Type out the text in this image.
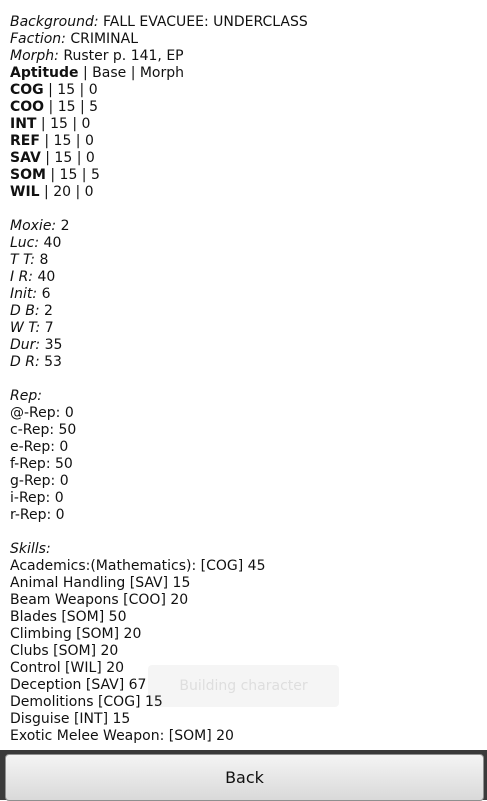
Background: FALL EVACUEE: UNDERCLASS
Faction: CRIMINAL
Morph: Ruster p. 141, EP
Aptitude | Base | Morph
COG | 15 | 0
COO | 15 | 5
INT | 15 | 0
REF | 15 | 0
SAV | 15 | 0
SOM | 15 | 5
WIL | 20 | 0
Moxie: 2
Luc: 40
T T: 8
I R: 40
Init: 6
D B: 2
W T: 7
Dur: 35
D R: 53
Rep:
@-Rep: 0
c-Rep: 50
e-Rep: 0
f-Rep: 50
g-Rep: 0
i-Rep: 0
r-Rep: 0
Skills:
Academics:(Mathematics): [COG] 45
Animal Handling [SAV] 15
Beam Weapons [COO] 20
Blades [SOM] 50
Climbing [SOM] 20
Clubs [SOM] 20
Control [WIL] 20
Deception [SAV] 67
Demolitions [COG] 15
Disguise [INT] 15
Exotic Melee Weapon: [SOM] 20
Building character
Back
